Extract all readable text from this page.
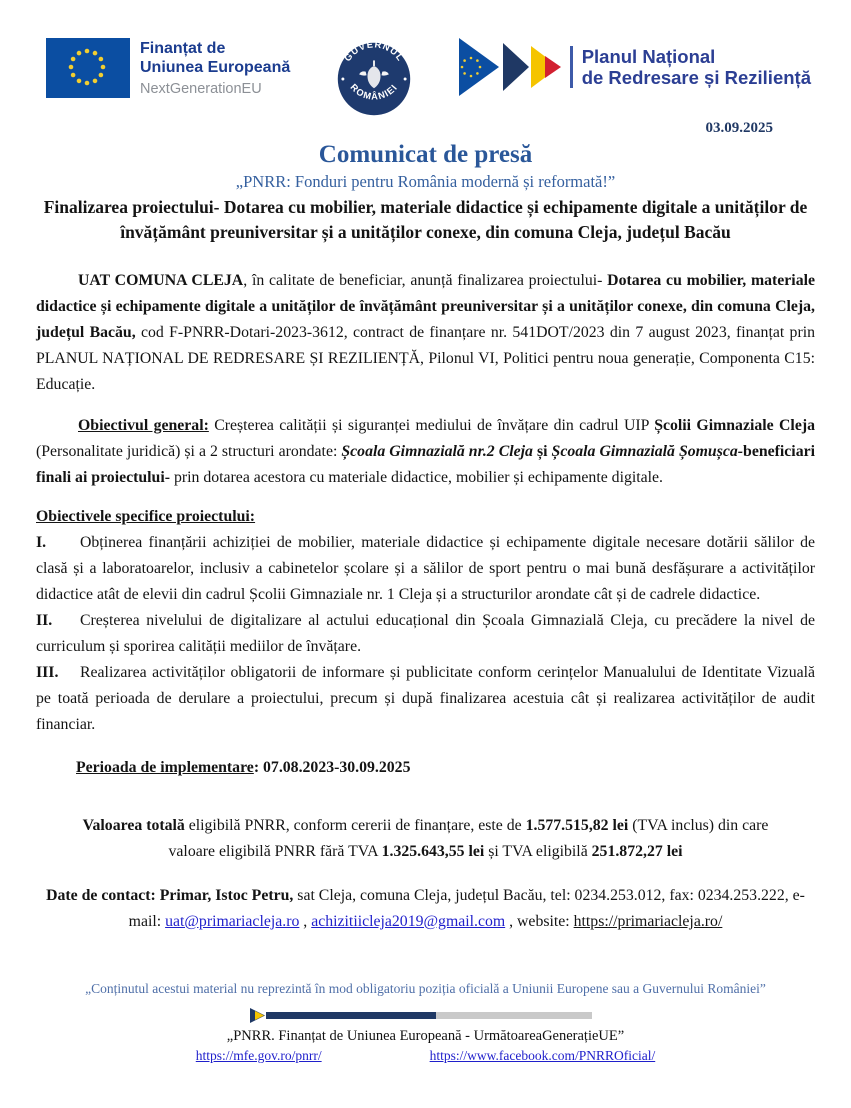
Finanțat de
Uniunea Europeană
NextGenerationEU
GUVERNUL
ROMÂNIEI
Planul Național
de Redresare și Reziliență
03.09.2025
Comunicat de presă
„PNRR: Fonduri pentru România modernă și reformată!”
Finalizarea proiectului- Dotarea cu mobilier, materiale didactice și echipamente digitale a unităților de învățământ preuniversitar și a unităților conexe, din comuna Cleja, județul Bacău

UAT COMUNA CLEJA, în calitate de beneficiar, anunță finalizarea proiectului- Dotarea cu mobilier, materiale didactice și echipamente digitale a unităților de învățământ preuniversitar și a unităților conexe, din comuna Cleja, județul Bacău, cod F-PNRR-Dotari-2023-3612, contract de finanțare nr. 541DOT/2023 din 7 august 2023, finanțat prin PLANUL NAȚIONAL DE REDRESARE ȘI REZILIENȚĂ, Pilonul VI, Politici pentru noua generație, Componenta C15: Educație.

Obiectivul general: Creșterea calității și siguranței mediului de învățare din cadrul UIP Școlii Gimnaziale Cleja (Personalitate juridică) și a 2 structuri arondate: Școala Gimnazială nr.2 Cleja și Școala Gimnazială Șomușca-beneficiari finali ai proiectului- prin dotarea acestora cu materiale didactice, mobilier și echipamente digitale.

Obiectivele specifice proiectului:

I. Obținerea finanțării achiziției de mobilier, materiale didactice și echipamente digitale necesare dotării sălilor de clasă și a laboratoarelor, inclusiv a cabinetelor școlare și a sălilor de sport pentru o mai bună desfășurare a activităților didactice atât de elevii din cadrul Școlii Gimnaziale nr. 1 Cleja și a structurilor arondate cât și de cadrele didactice.

II. Creșterea nivelului de digitalizare al actului educațional din Școala Gimnazială Cleja, cu precădere la nivel de curriculum și sporirea calității mediilor de învățare.

III. Realizarea activităților obligatorii de informare și publicitate conform cerințelor Manualului de Identitate Vizuală pe toată perioada de derulare a proiectului, precum și după finalizarea acestuia cât și realizarea activităților de audit financiar.

Perioada de implementare: 07.08.2023-30.09.2025

Valoarea totală eligibilă PNRR, conform cererii de finanțare, este de 1.577.515,82 lei (TVA inclus) din care valoare eligibilă PNRR fără TVA 1.325.643,55 lei și TVA eligibilă 251.872,27 lei

Date de contact: Primar, Istoc Petru, sat Cleja, comuna Cleja, județul Bacău, tel: 0234.253.012, fax: 0234.253.222, e-mail: uat@primariacleja.ro , achizitiicleja2019@gmail.com , website: https://primariacleja.ro/

„Conținutul acestui material nu reprezintă în mod obligatoriu poziția oficială a Uniunii Europene sau a Guvernului României”
„PNRR. Finanțat de Uniunea Europeană - UrmătoareaGenerațieUE”
https://mfe.gov.ro/pnrr/	https://www.facebook.com/PNRROficial/
